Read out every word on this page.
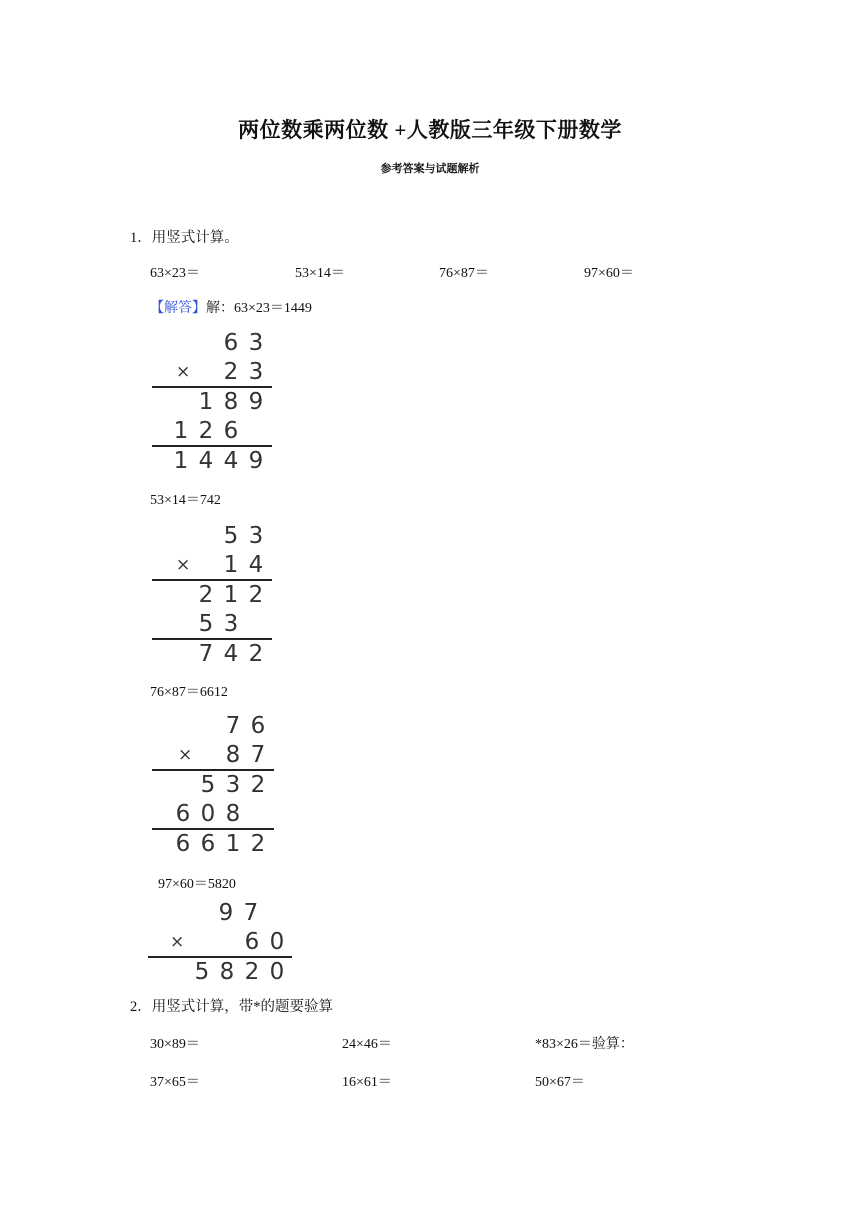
两位数乘两位数 +人教版三年级下册数学
参考答案与试题解析
1．用竖式计算。
63×23＝	53×14＝	76×87＝	97×60＝
【解答】解：63×23＝1449
6 3
× 2 3
1 8 9
1 2 6
1 4 4 9
53×14＝742
5 3
× 1 4
2 1 2
5 3
7 4 2
76×87＝6612
7 6
× 8 7
5 3 2
6 0 8
6 6 1 2
97×60＝5820
9 7
×	6 0
5 8 2 0
2．用竖式计算，带*的题要验算
30×89＝	24×46＝	*83×26＝验算：
37×65＝	16×61＝	50×67＝
